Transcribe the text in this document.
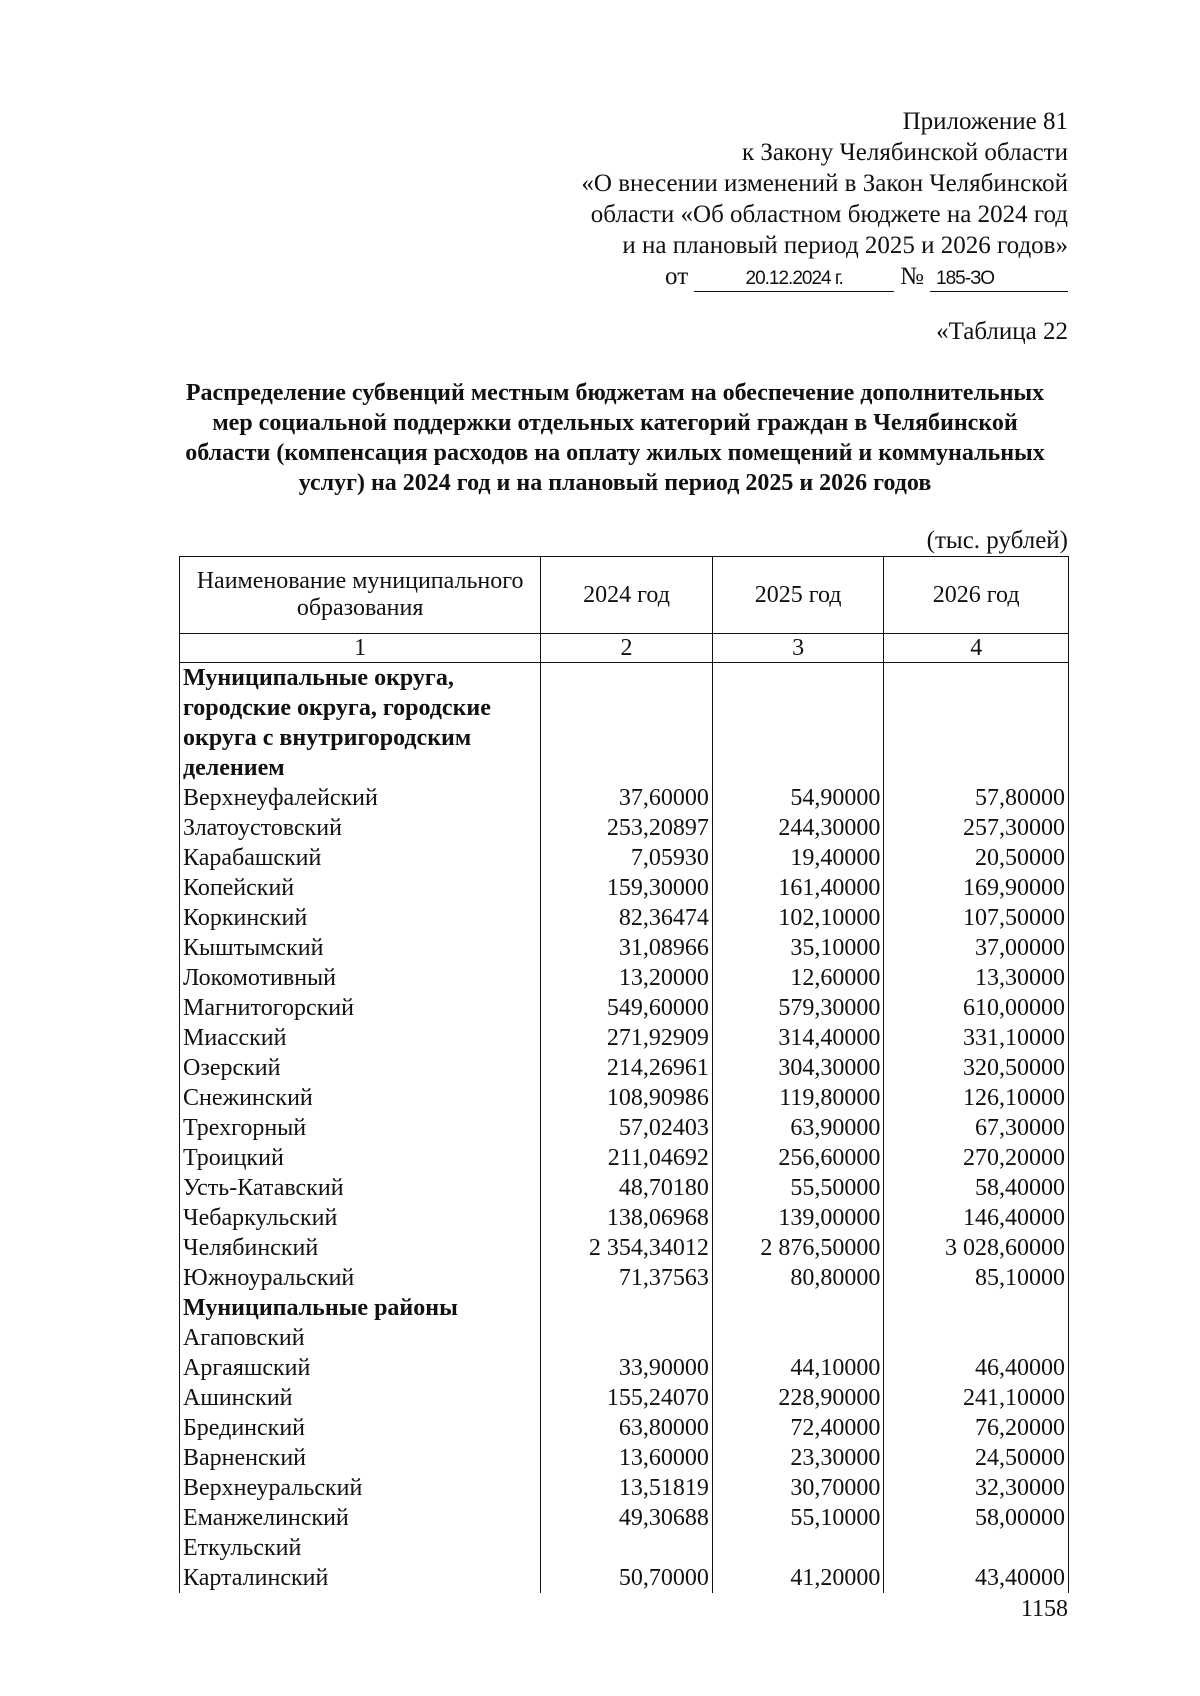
Приложение 81
к Закону Челябинской области
«О внесении изменений в Закон Челябинской
области «Об областном бюджете на 2024 год
и на плановый период 2025 и 2026 годов»
от	20.12.2024 г.	№ 185-ЗО
«Таблица 22
Распределение субвенций местным бюджетам на обеспечение дополнительных мер социальной поддержки отдельных категорий граждан в Челябинской области (компенсация расходов на оплату жилых помещений и коммунальных услуг) на 2024 год и на плановый период 2025 и 2026 годов
(тыс. рублей)
Наименование муниципального образования	2024 год	2025 год	2026 год
1	2	3	4
Муниципальные округа, городские округа, городские округа с внутригородским делением			
Верхнеуфалейский	37,60000	54,90000	57,80000
Златоустовский	253,20897	244,30000	257,30000
Карабашский	7,05930	19,40000	20,50000
Копейский	159,30000	161,40000	169,90000
Коркинский	82,36474	102,10000	107,50000
Кыштымский	31,08966	35,10000	37,00000
Локомотивный	13,20000	12,60000	13,30000
Магнитогорский	549,60000	579,30000	610,00000
Миасский	271,92909	314,40000	331,10000
Озерский	214,26961	304,30000	320,50000
Снежинский	108,90986	119,80000	126,10000
Трехгорный	57,02403	63,90000	67,30000
Троицкий	211,04692	256,60000	270,20000
Усть-Катавский	48,70180	55,50000	58,40000
Чебаркульский	138,06968	139,00000	146,40000
Челябинский	2 354,34012	2 876,50000	3 028,60000
Южноуральский	71,37563	80,80000	85,10000
Муниципальные районы			
Агаповский			
Аргаяшский	33,90000	44,10000	46,40000
Ашинский	155,24070	228,90000	241,10000
Брединский	63,80000	72,40000	76,20000
Варненский	13,60000	23,30000	24,50000
Верхнеуральский	13,51819	30,70000	32,30000
Еманжелинский	49,30688	55,10000	58,00000
Еткульский			
Карталинский	50,70000	41,20000	43,40000
1158
